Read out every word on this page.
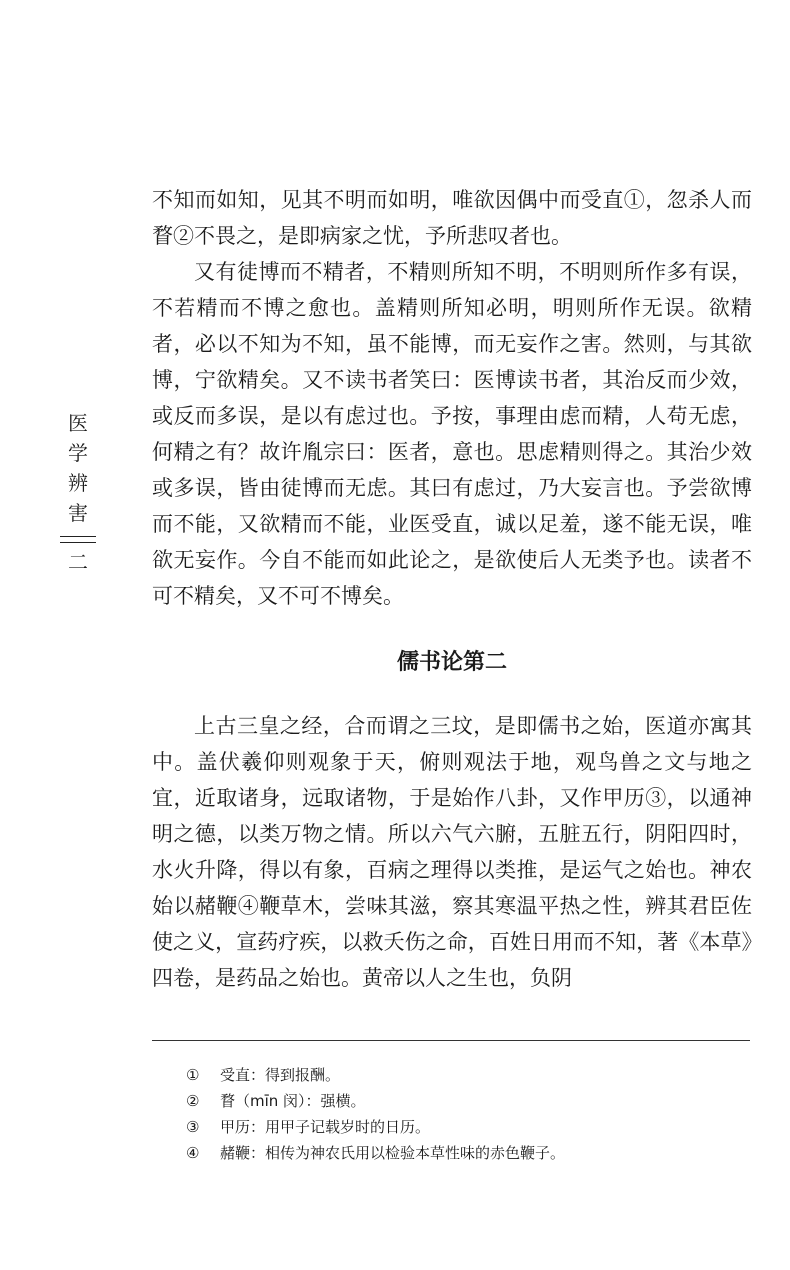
医
学
辨
害
二

不知而如知，见其不明而如明，唯欲因偶中而受直①，忽杀人而瞀②不畏之，是即病家之忧，予所悲叹者也。

又有徒博而不精者，不精则所知不明，不明则所作多有误，不若精而不博之愈也。盖精则所知必明，明则所作无误。欲精者，必以不知为不知，虽不能博，而无妄作之害。然则，与其欲博，宁欲精矣。又不读书者笑曰：医博读书者，其治反而少效，或反而多误，是以有虑过也。予按，事理由虑而精，人苟无虑，何精之有？故许胤宗曰：医者，意也。思虑精则得之。其治少效或多误，皆由徒博而无虑。其曰有虑过，乃大妄言也。予尝欲博而不能，又欲精而不能，业医受直，诚以足羞，遂不能无误，唯欲无妄作。今自不能而如此论之，是欲使后人无类予也。读者不可不精矣，又不可不博矣。

儒书论第二

上古三皇之经，合而谓之三坟，是即儒书之始，医道亦寓其中。盖伏羲仰则观象于天，俯则观法于地，观鸟兽之文与地之宜，近取诸身，远取诸物，于是始作八卦，又作甲历③，以通神明之德，以类万物之情。所以六气六腑，五脏五行，阴阳四时，水火升降，得以有象，百病之理得以类推，是运气之始也。神农始以赭鞭④鞭草木，尝味其滋，察其寒温平热之性，辨其君臣佐使之义，宣药疗疾，以救夭伤之命，百姓日用而不知，著《本草》四卷，是药品之始也。黄帝以人之生也，负阴

① 受直：得到报酬。

② 瞀（mīn 闵）：强横。

③ 甲历：用甲子记载岁时的日历。

④ 赭鞭：相传为神农氏用以检验本草性味的赤色鞭子。
